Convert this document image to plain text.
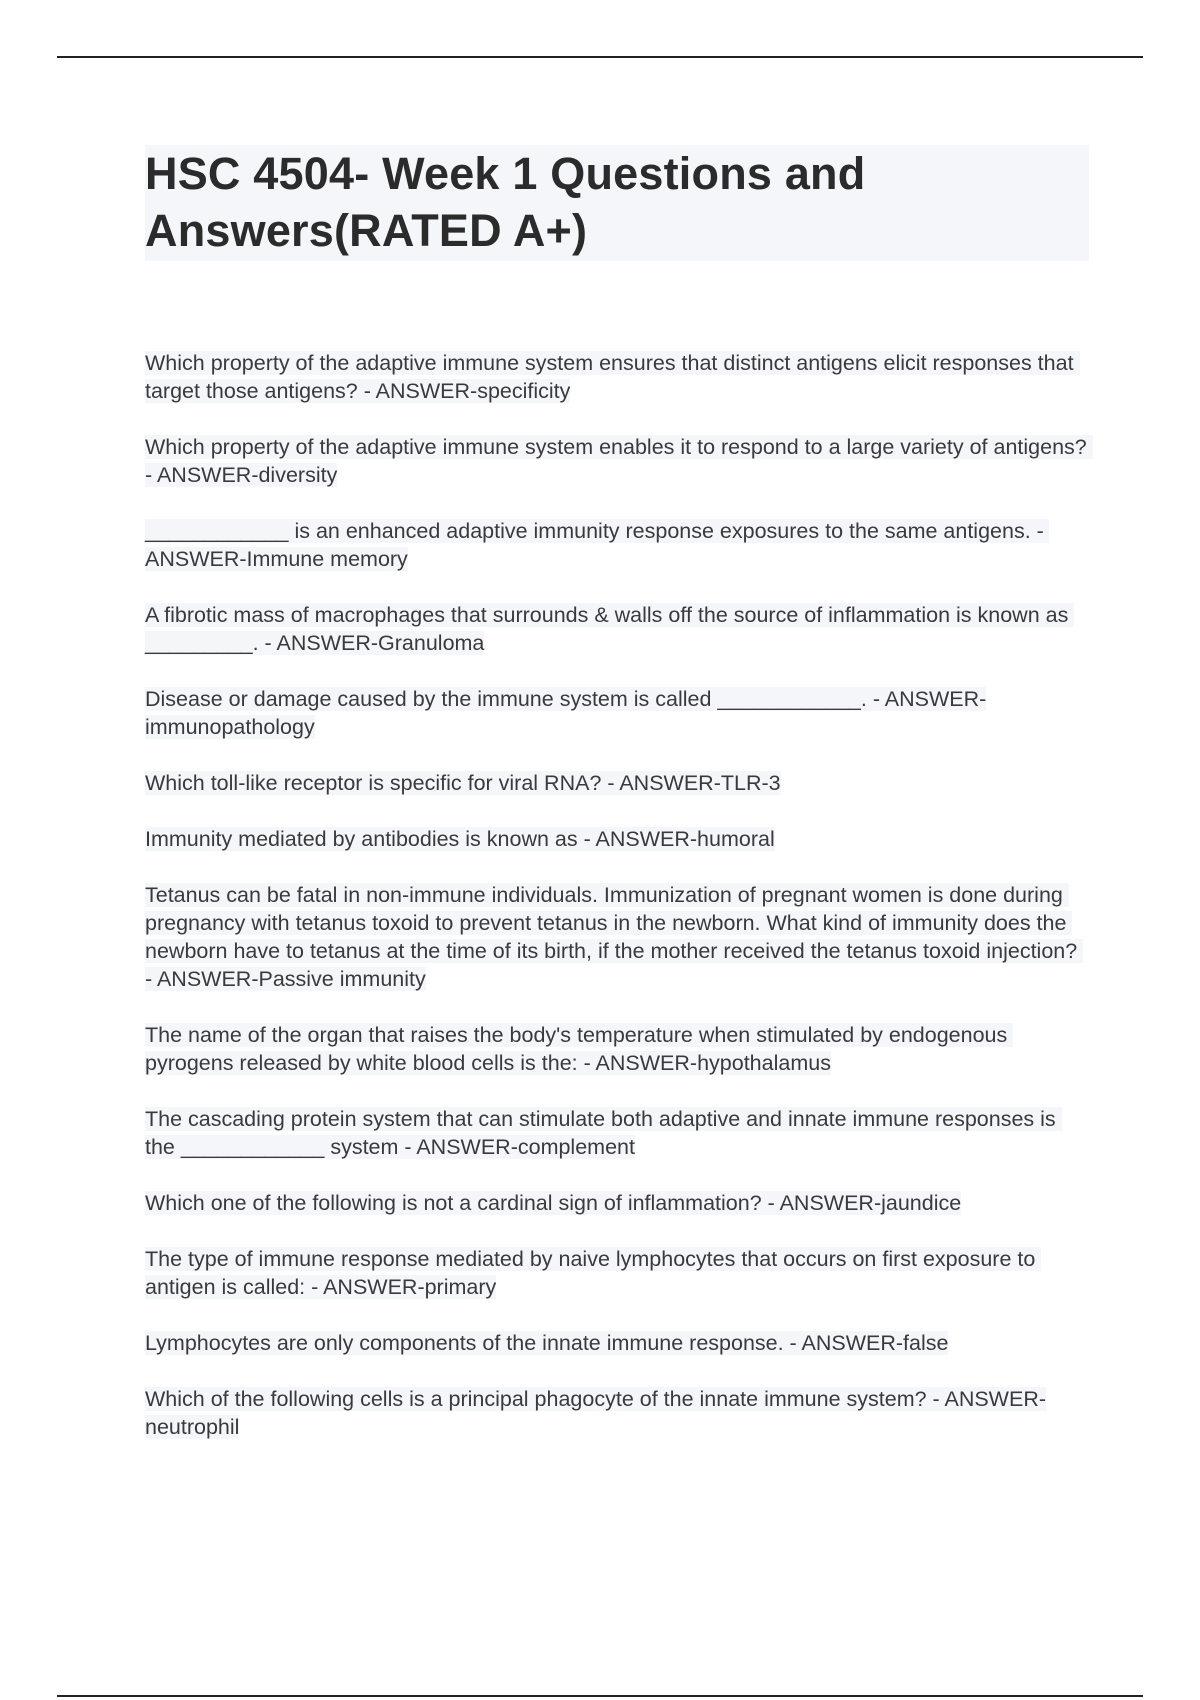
HSC 4504- Week 1 Questions and Answers(RATED A+)

Which property of the adaptive immune system ensures that distinct antigens elicit responses that target those antigens? - ANSWER-specificity

Which property of the adaptive immune system enables it to respond to a large variety of antigens? - ANSWER-diversity

____________ is an enhanced adaptive immunity response exposures to the same antigens. - ANSWER-Immune memory

A fibrotic mass of macrophages that surrounds & walls off the source of inflammation is known as _________. - ANSWER-Granuloma

Disease or damage caused by the immune system is called ____________. - ANSWER-immunopathology

Which toll-like receptor is specific for viral RNA? - ANSWER-TLR-3

Immunity mediated by antibodies is known as - ANSWER-humoral

Tetanus can be fatal in non-immune individuals. Immunization of pregnant women is done during pregnancy with tetanus toxoid to prevent tetanus in the newborn. What kind of immunity does the newborn have to tetanus at the time of its birth, if the mother received the tetanus toxoid injection? - ANSWER-Passive immunity

The name of the organ that raises the body's temperature when stimulated by endogenous pyrogens released by white blood cells is the: - ANSWER-hypothalamus

The cascading protein system that can stimulate both adaptive and innate immune responses is the ____________ system - ANSWER-complement

Which one of the following is not a cardinal sign of inflammation? - ANSWER-jaundice

The type of immune response mediated by naive lymphocytes that occurs on first exposure to antigen is called: - ANSWER-primary

Lymphocytes are only components of the innate immune response. - ANSWER-false

Which of the following cells is a principal phagocyte of the innate immune system? - ANSWER-neutrophil
